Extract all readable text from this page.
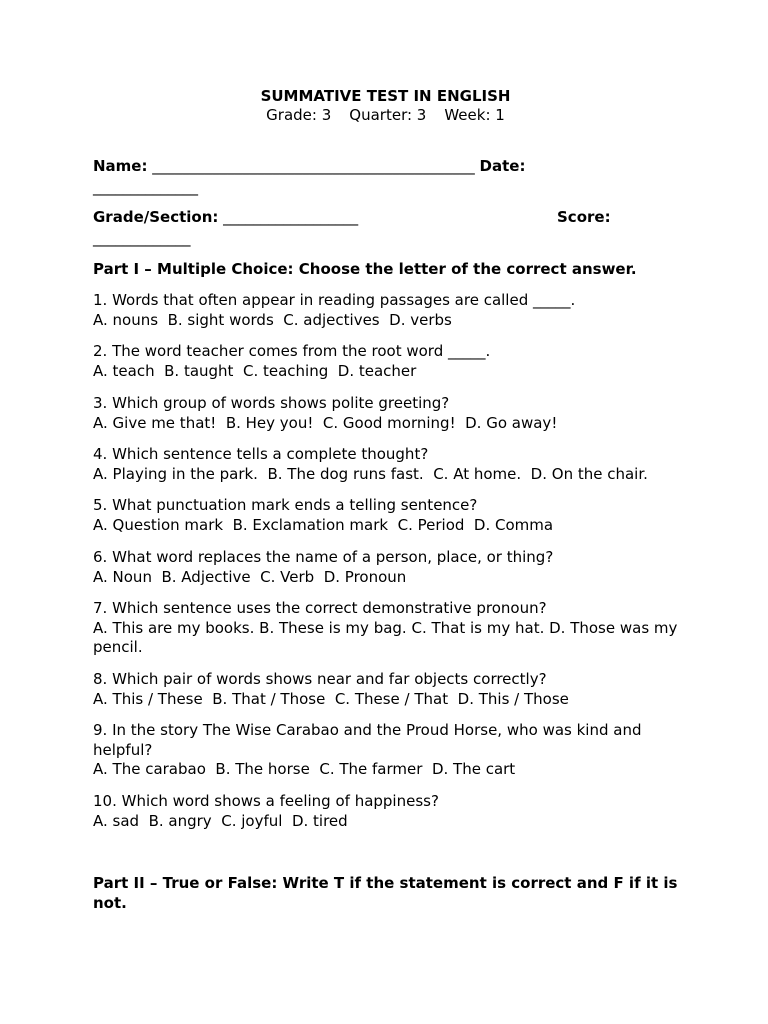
SUMMATIVE TEST IN ENGLISH
Grade: 3 Quarter: 3 Week: 1
Name: ___________________________________________ Date:
______________
Grade/Section: __________________	Score:
_____________
Part I – Multiple Choice: Choose the letter of the correct answer.
1. Words that often appear in reading passages are called _____.
A. nouns  B. sight words  C. adjectives  D. verbs
2. The word teacher comes from the root word _____.
A. teach  B. taught  C. teaching  D. teacher
3. Which group of words shows polite greeting?
A. Give me that!  B. Hey you!  C. Good morning!  D. Go away!
4. Which sentence tells a complete thought?
A. Playing in the park.  B. The dog runs fast.  C. At home.  D. On the chair.
5. What punctuation mark ends a telling sentence?
A. Question mark  B. Exclamation mark  C. Period  D. Comma
6. What word replaces the name of a person, place, or thing?
A. Noun  B. Adjective  C. Verb  D. Pronoun
7. Which sentence uses the correct demonstrative pronoun?
A. This are my books. B. These is my bag. C. That is my hat. D. Those was my pencil.
8. Which pair of words shows near and far objects correctly?
A. This / These  B. That / Those  C. These / That  D. This / Those
9. In the story The Wise Carabao and the Proud Horse, who was kind and helpful?
A. The carabao  B. The horse  C. The farmer  D. The cart
10. Which word shows a feeling of happiness?
A. sad  B. angry  C. joyful  D. tired
Part II – True or False: Write T if the statement is correct and F if it is not.
